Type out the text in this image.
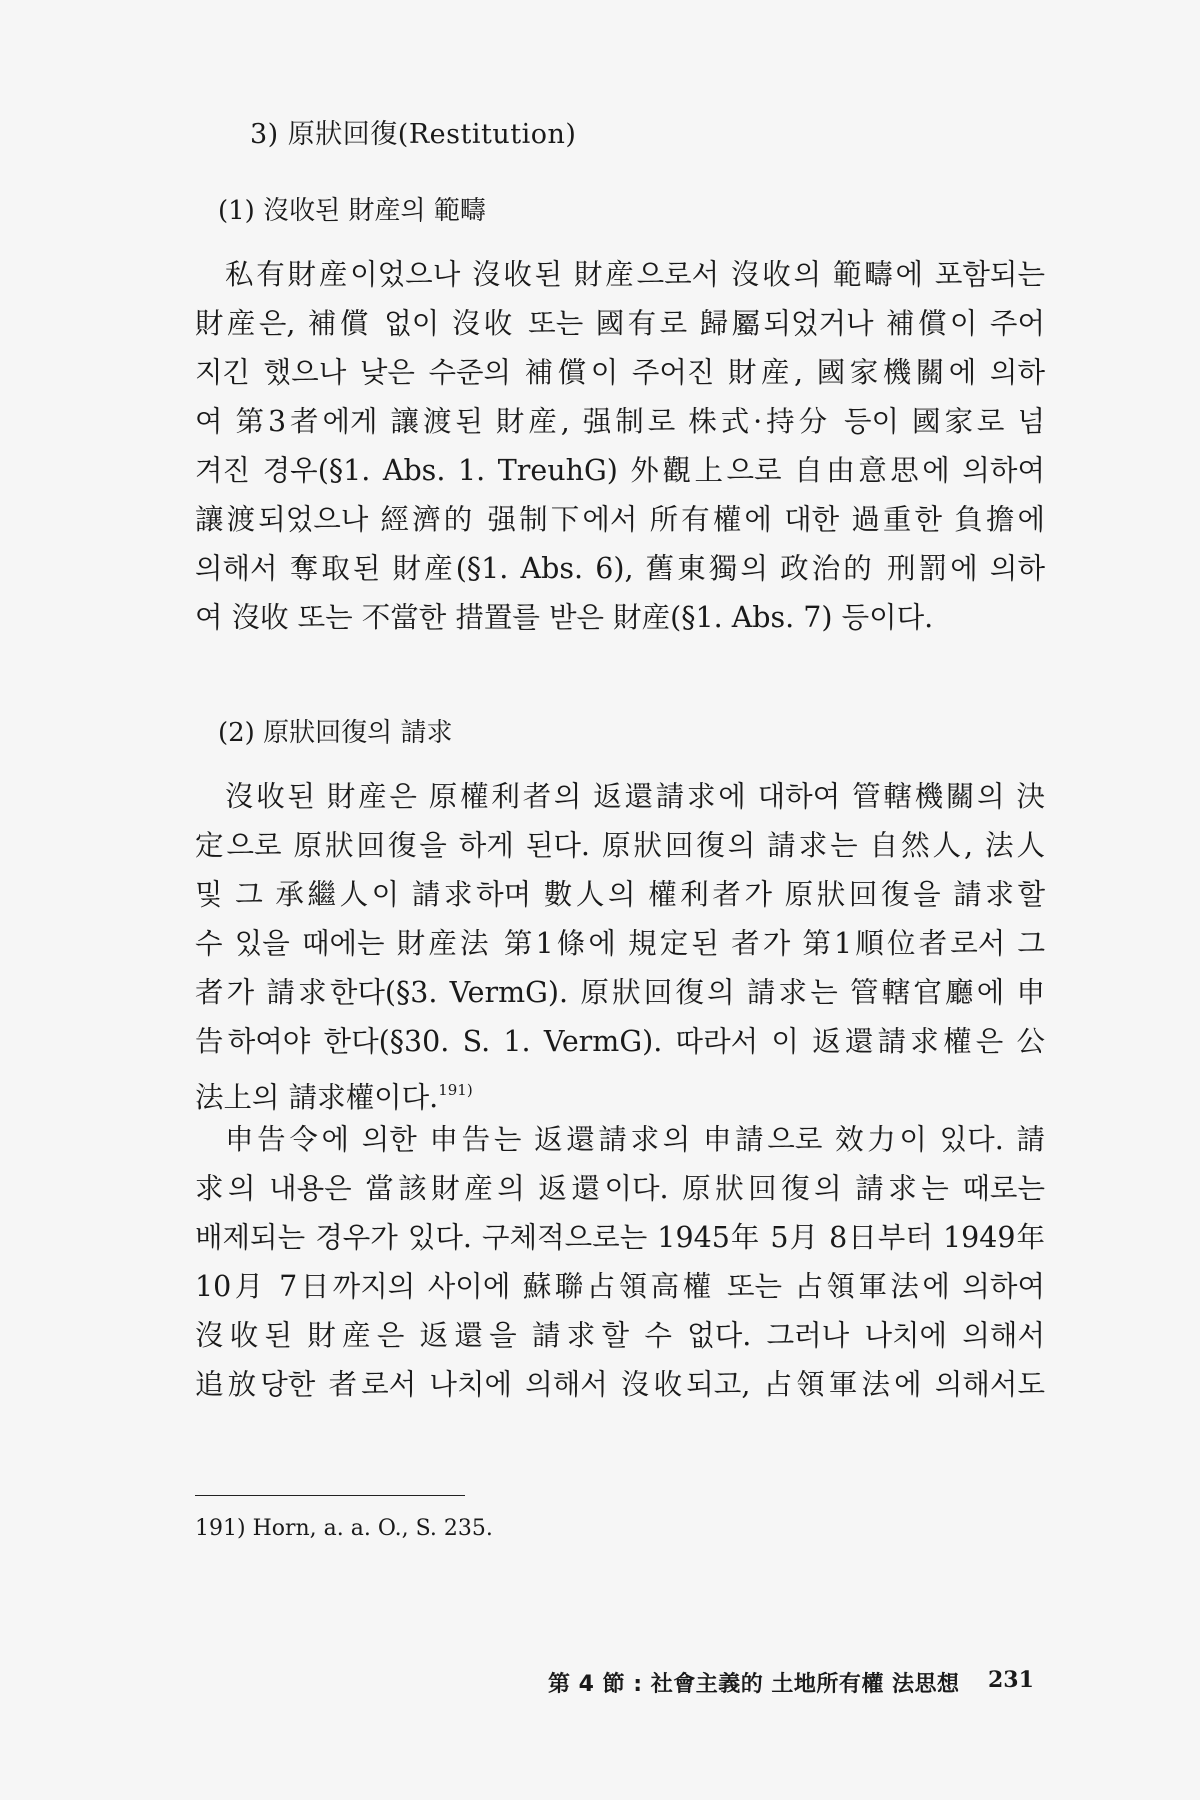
3) 原狀回復(Restitution)
(1) 沒收된 財産의 範疇
私有財産이었으나 沒收된 財産으로서 沒收의 範疇에 포함되는
財産은, 補償 없이 沒收 또는 國有로 歸屬되었거나 補償이 주어
지긴 했으나 낮은 수준의 補償이 주어진 財産, 國家機關에 의하
여 第3者에게 讓渡된 財産, 强制로 株式·持分 등이 國家로 넘
겨진 경우(§1. Abs. 1. TreuhG) 外觀上으로 自由意思에 의하여
讓渡되었으나 經濟的 强制下에서 所有權에 대한 過重한 負擔에
의해서 奪取된 財産(§1. Abs. 6), 舊東獨의 政治的 刑罰에 의하
여 沒收 또는 不當한 措置를 받은 財産(§1. Abs. 7) 등이다.
(2) 原狀回復의 請求
沒收된 財産은 原權利者의 返還請求에 대하여 管轄機關의 決
定으로 原狀回復을 하게 된다. 原狀回復의 請求는 自然人, 法人
및 그 承繼人이 請求하며 數人의 權利者가 原狀回復을 請求할
수 있을 때에는 財産法 第1條에 規定된 者가 第1順位者로서 그
者가 請求한다(§3. VermG). 原狀回復의 請求는 管轄官廳에 申
告하여야 한다(§30. S. 1. VermG). 따라서 이 返還請求權은 公
法上의 請求權이다.$^{191)}$
申告令에 의한 申告는 返還請求의 申請으로 效力이 있다. 請
求의 내용은 當該財産의 返還이다. 原狀回復의 請求는 때로는
배제되는 경우가 있다. 구체적으로는 1945年 5月 8日부터 1949年
10月 7日까지의 사이에 蘇聯占領高權 또는 占領軍法에 의하여
沒收된 財産은 返還을 請求할 수 없다. 그러나 나치에 의해서
追放당한 者로서 나치에 의해서 沒收되고, 占領軍法에 의해서도
191) Horn, a. a. O., S. 235.
第 4 節 : 社會主義的 土地所有權 法思想 231
